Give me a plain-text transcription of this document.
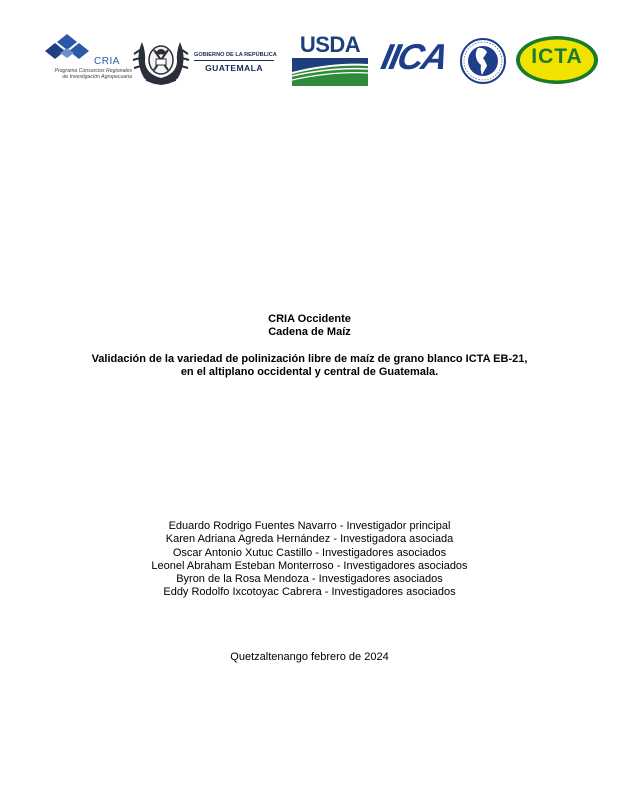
CRIA
Programa Consorcios Regionales de Investigación Agropecuaria
GOBIERNO DE LA REPÚBLICA
GUATEMALA
USDA IICA	ICTA
CRIA Occidente
Cadena de Maíz
Validación de la variedad de polinización libre de maíz de grano blanco ICTA EB-21,
en el altiplano occidental y central de Guatemala.
Eduardo Rodrigo Fuentes Navarro - Investigador principal
Karen Adriana Agreda Hernández - Investigadora asociada
Oscar Antonio Xutuc Castillo - Investigadores asociados
Leonel Abraham Esteban Monterroso - Investigadores asociados
Byron de la Rosa Mendoza - Investigadores asociados
Eddy Rodolfo Ixcotoyac Cabrera - Investigadores asociados
Quetzaltenango febrero de 2024
